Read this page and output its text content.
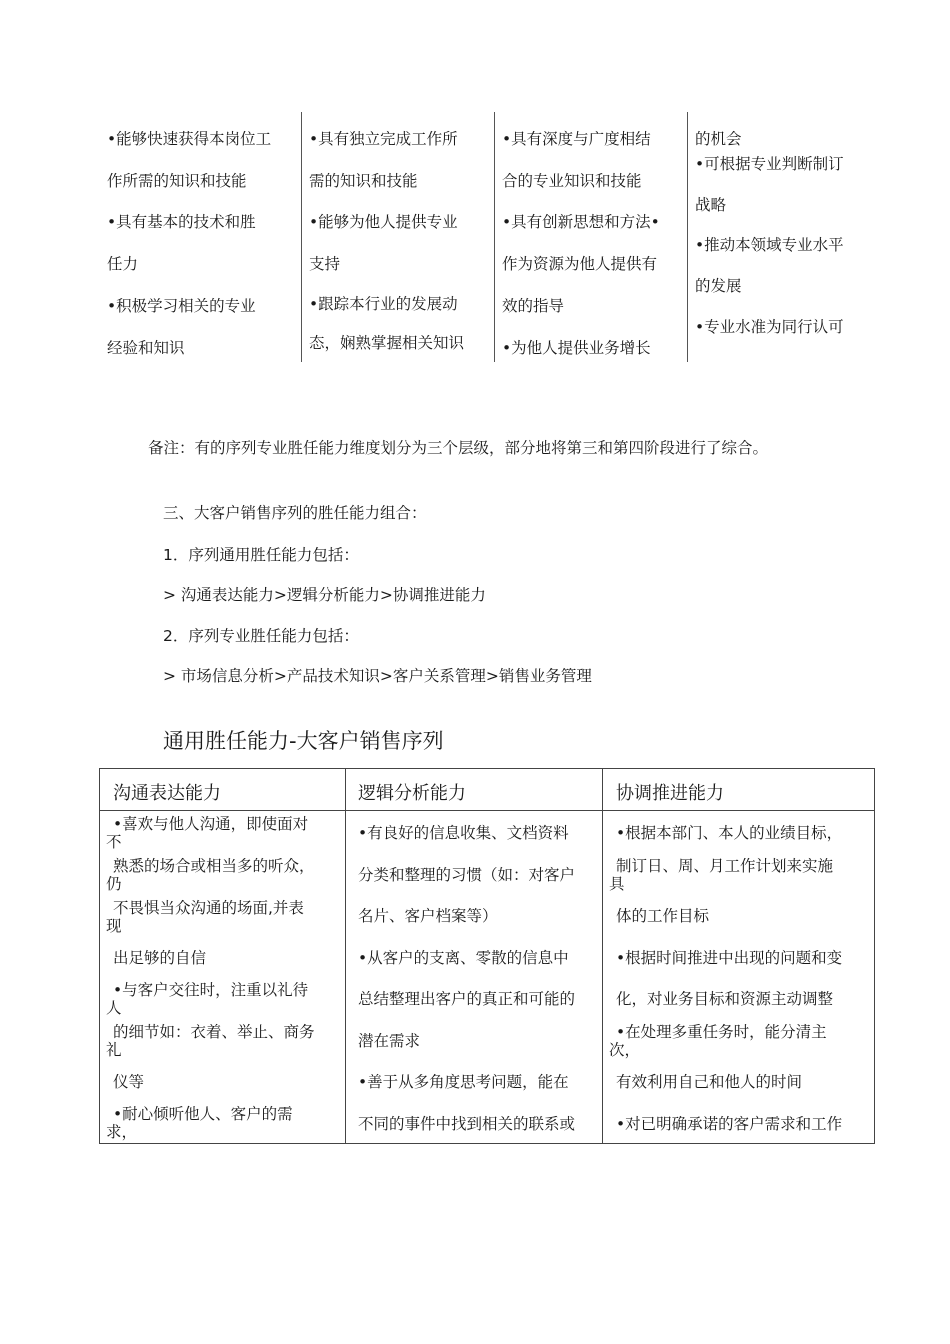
•能够快速获得本岗位工
作所需的知识和技能
•具有基本的技术和胜
任力
•积极学习相关的专业
经验和知识
•具有独立完成工作所
需的知识和技能
•能够为他人提供专业
支持
•跟踪本行业的发展动
态，娴熟掌握相关知识
•具有深度与广度相结
合的专业知识和技能
•具有创新思想和方法•
作为资源为他人提供有
效的指导
•为他人提供业务增长
的机会
•可根据专业判断制订
战略
•推动本领域专业水平
的发展
•专业水准为同行认可
备注：有的序列专业胜任能力维度划分为三个层级，部分地将第三和第四阶段进行了综合。
三、大客户销售序列的胜任能力组合：
1．序列通用胜任能力包括：
> 沟通表达能力>逻辑分析能力>协调推进能力
2．序列专业胜任能力包括：
> 市场信息分析>产品技术知识>客户关系管理>销售业务管理
通用胜任能力-大客户销售序列
沟通表达能力	逻辑分析能力	协调推进能力
•喜欢与他人沟通，即使面对
不
熟悉的场合或相当多的听众，
仍
不畏惧当众沟通的场面,并表
现
出足够的自信
•与客户交往时，注重以礼待
人
的细节如：衣着、举止、商务
礼
仪等
•耐心倾听他人、客户的需
求，
•有良好的信息收集、文档资料
分类和整理的习惯（如：对客户
名片、客户档案等）
•从客户的支离、零散的信息中
总结整理出客户的真正和可能的
潜在需求
•善于从多角度思考问题，能在
不同的事件中找到相关的联系或
•根据本部门、本人的业绩目标，
制订日、周、月工作计划来实施
具
体的工作目标
•根据时间推进中出现的问题和变
化，对业务目标和资源主动调整
•在处理多重任务时，能分清主
次，
有效利用自己和他人的时间
•对已明确承诺的客户需求和工作
